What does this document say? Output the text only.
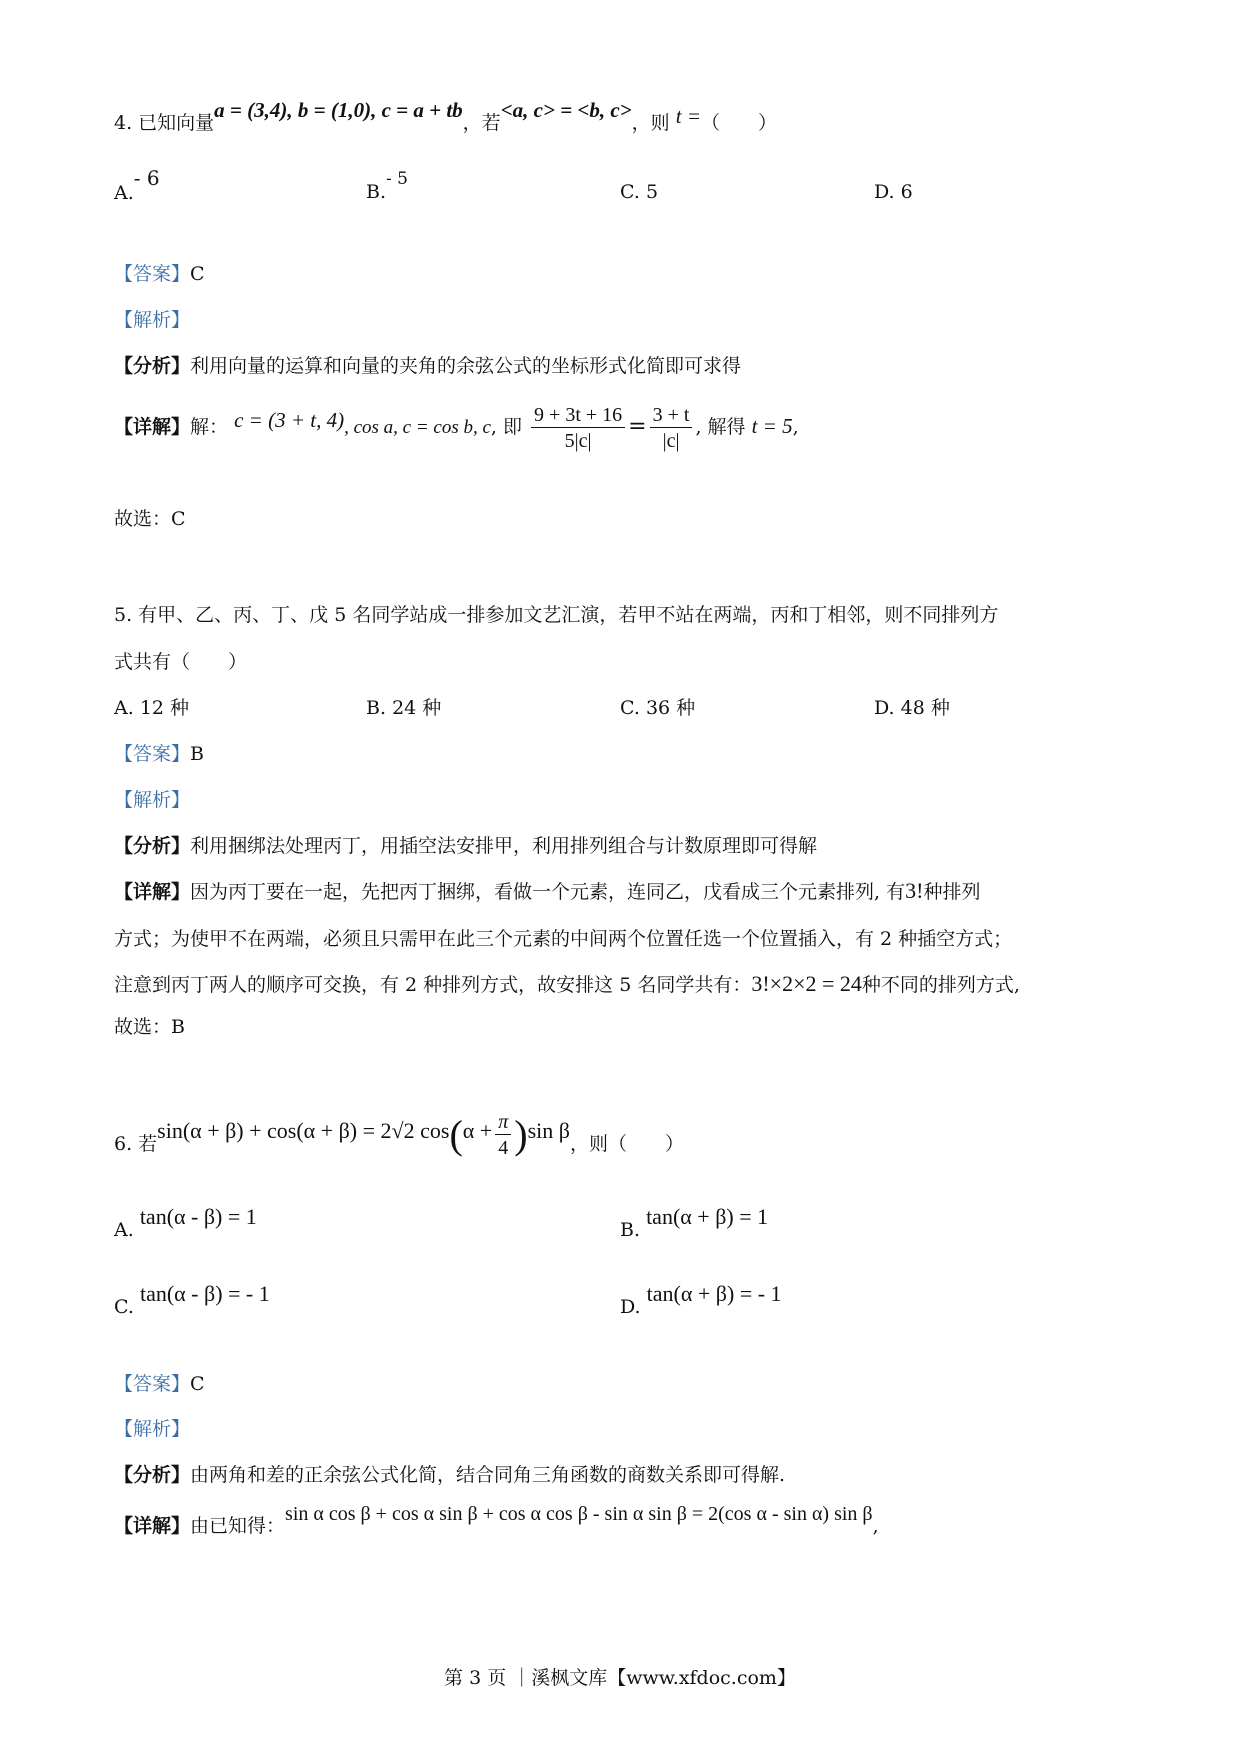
4. 已知向量a = (3,4), b = (1,0), c = a + tb，若<a, c> = <b, c>，则 t =（　　）
A.- 6
B.- 5
C. 5	D. 6
【答案】C
【解析】
【分析】利用向量的运算和向量的夹角的余弦公式的坐标形式化简即可求得
【详解】解： c = (3 + t, 4), cos a, c = cos b, c, 即 $\frac{9 + 3t + 16}{5|c|} = \frac{3 + t}{|c|}$ , 解得 t = 5,
故选：C
5. 有甲、乙、丙、丁、戊 5 名同学站成一排参加文艺汇演，若甲不站在两端，丙和丁相邻，则不同排列方
式共有（　　）
A. 12 种	B. 24 种	C. 36 种	D. 48 种
【答案】B
【解析】
【分析】利用捆绑法处理丙丁，用插空法安排甲，利用排列组合与计数原理即可得解
【详解】因为丙丁要在一起，先把丙丁捆绑，看做一个元素，连同乙，戊看成三个元素排列, 有3!种排列
方式；为使甲不在两端，必须且只需甲在此三个元素的中间两个位置任选一个位置插入，有 2 种插空方式；
注意到丙丁两人的顺序可交换，有 2 种排列方式，故安排这 5 名同学共有：3!×2×2 = 24种不同的排列方式,
故选：B
6. 若sin(α + β) + cos(α + β) = 2√2 $\cos(\alpha + \frac{\pi}{4} )\sin$ β，则（　　）
A. tan(α - β) = 1
B. tan(α + β) = 1
C. tan(α - β) = - 1
D. tan(α + β) = - 1
【答案】C
【解析】
【分析】由两角和差的正余弦公式化简，结合同角三角函数的商数关系即可得解.
【详解】由已知得：sin α cos β + cos α sin β + cos α cos β - sin α sin β = 2(cos α - sin α) sin β,
第 3 页 ｜溪枫文库【www.xfdoc.com】
